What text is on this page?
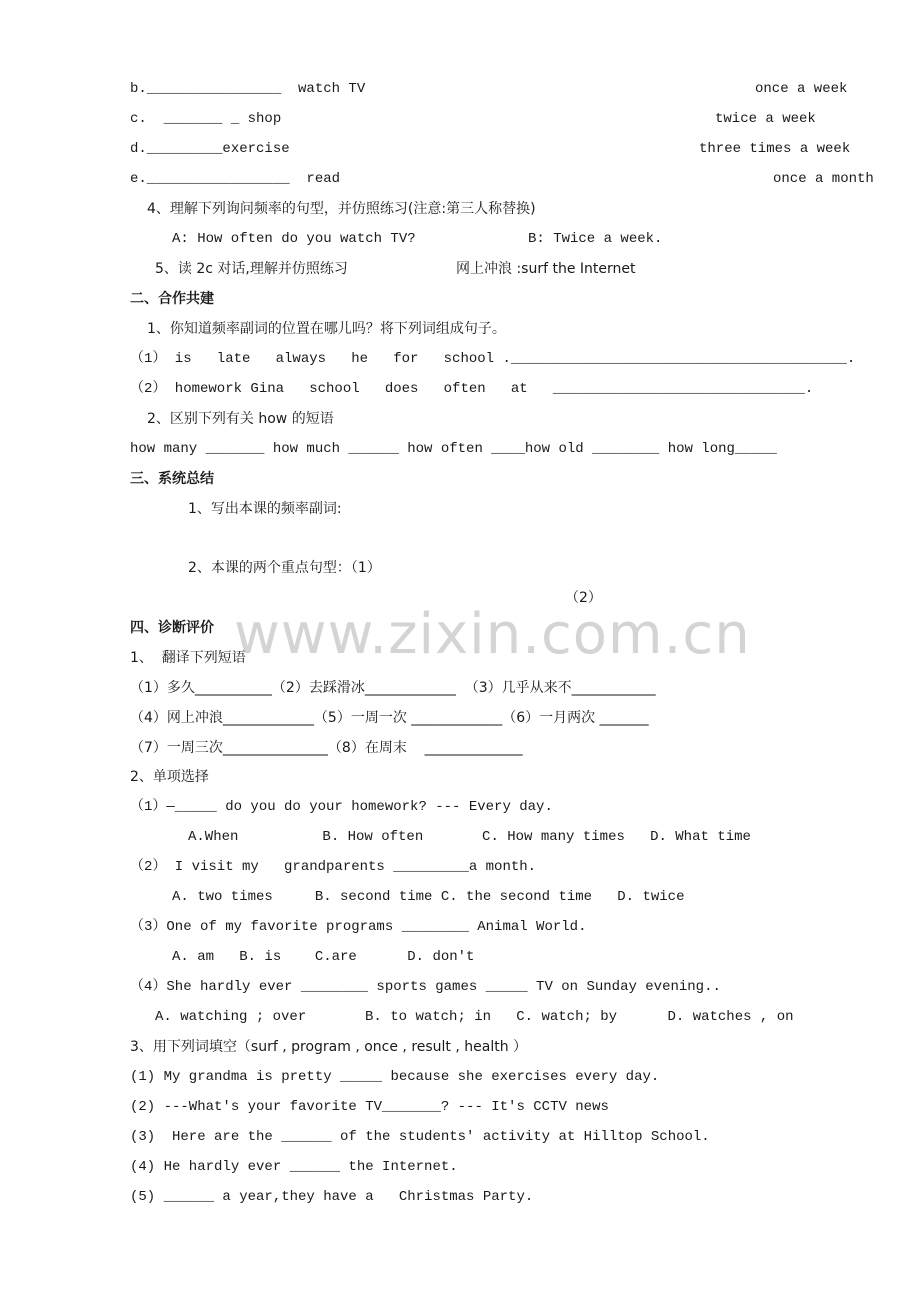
b.________________  watch TV	once a week
c.  _______ _ shop	twice a week
d._________exercise	three times a week
e._________________  read	once a month
4、理解下列询问频率的句型，并仿照练习(注意:第三人称替换)
A: How often do you watch TV?	B: Twice a week.
5、读 2c 对话,理解并仿照练习	网上冲浪 :surf the Internet
二、合作共建
1、你知道频率副词的位置在哪儿吗？将下列词组成句子。
（1） is   late   always   he   for   school .________________________________________.
（2） homework Gina   school   does   often   at   ______________________________.
2、区别下列有关 how 的短语
how many _______ how much ______ how often ____how old ________ how long_____
三、系统总结
1、写出本课的频率副词:
2、本课的两个重点句型：（1）
（2）
www.zixin.com.cn
四、诊断评价
1、  翻译下列短语
（1）多久___________（2）去踩滑冰_____________  （3）几乎从来不____________
（4）网上冲浪_____________（5）一周一次 _____________（6）一月两次 _______
（7）一周三次_______________（8）在周末    ______________
2、单项选择
（1）—_____ do you do your homework? --- Every day.
A.When          B. How often       C. How many times   D. What time
（2） I visit my   grandparents _________a month.
A. two times     B. second time C. the second time   D. twice
（3）One of my favorite programs ________ Animal World.
A. am   B. is    C.are      D. don't
（4）She hardly ever ________ sports games _____ TV on Sunday evening..
A. watching ; over       B. to watch; in   C. watch; by      D. watches , on
3、用下列词填空（surf , program , once , result , health ）
(1) My grandma is pretty _____ because she exercises every day.
(2) ---What's your favorite TV_______? --- It's CCTV news
(3)  Here are the ______ of the students' activity at Hilltop School.
(4) He hardly ever ______ the Internet.
(5) ______ a year,they have a   Christmas Party.
